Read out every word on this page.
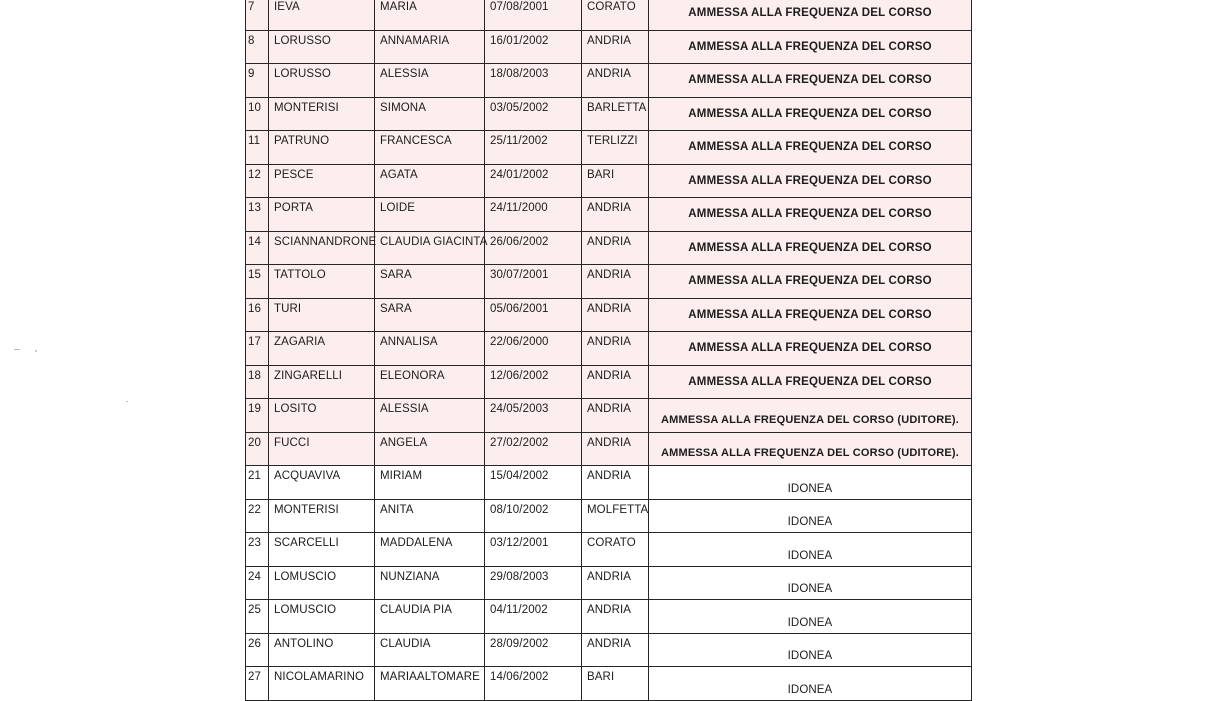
7	IEVA	MARIA	07/08/2001	CORATO	AMMESSA ALLA FREQUENZA DEL CORSO
8	LORUSSO	ANNAMARIA	16/01/2002	ANDRIA	AMMESSA ALLA FREQUENZA DEL CORSO
9	LORUSSO	ALESSIA	18/08/2003	ANDRIA	AMMESSA ALLA FREQUENZA DEL CORSO
10	MONTERISI	SIMONA	03/05/2002	BARLETTA	AMMESSA ALLA FREQUENZA DEL CORSO
11	PATRUNO	FRANCESCA	25/11/2002	TERLIZZI	AMMESSA ALLA FREQUENZA DEL CORSO
12	PESCE	AGATA	24/01/2002	BARI	AMMESSA ALLA FREQUENZA DEL CORSO
13	PORTA	LOIDE	24/11/2000	ANDRIA	AMMESSA ALLA FREQUENZA DEL CORSO
14	SCIANNANDRONE	CLAUDIA GIACINTA	26/06/2002	ANDRIA	AMMESSA ALLA FREQUENZA DEL CORSO
15	TATTOLO	SARA	30/07/2001	ANDRIA	AMMESSA ALLA FREQUENZA DEL CORSO
16	TURI	SARA	05/06/2001	ANDRIA	AMMESSA ALLA FREQUENZA DEL CORSO
17	ZAGARIA	ANNALISA	22/06/2000	ANDRIA	AMMESSA ALLA FREQUENZA DEL CORSO
18	ZINGARELLI	ELEONORA	12/06/2002	ANDRIA	AMMESSA ALLA FREQUENZA DEL CORSO
19	LOSITO	ALESSIA	24/05/2003	ANDRIA	AMMESSA ALLA FREQUENZA DEL CORSO (UDITORE).
20	FUCCI	ANGELA	27/02/2002	ANDRIA	AMMESSA ALLA FREQUENZA DEL CORSO (UDITORE).
21	ACQUAVIVA	MIRIAM	15/04/2002	ANDRIA	IDONEA
22	MONTERISI	ANITA	08/10/2002	MOLFETTA	IDONEA
23	SCARCELLI	MADDALENA	03/12/2001	CORATO	IDONEA
24	LOMUSCIO	NUNZIANA	29/08/2003	ANDRIA	IDONEA
25	LOMUSCIO	CLAUDIA PIA	04/11/2002	ANDRIA	IDONEA
26	ANTOLINO	CLAUDIA	28/09/2002	ANDRIA	IDONEA
27	NICOLAMARINO	MARIAALTOMARE	14/06/2002	BARI	IDONEA
